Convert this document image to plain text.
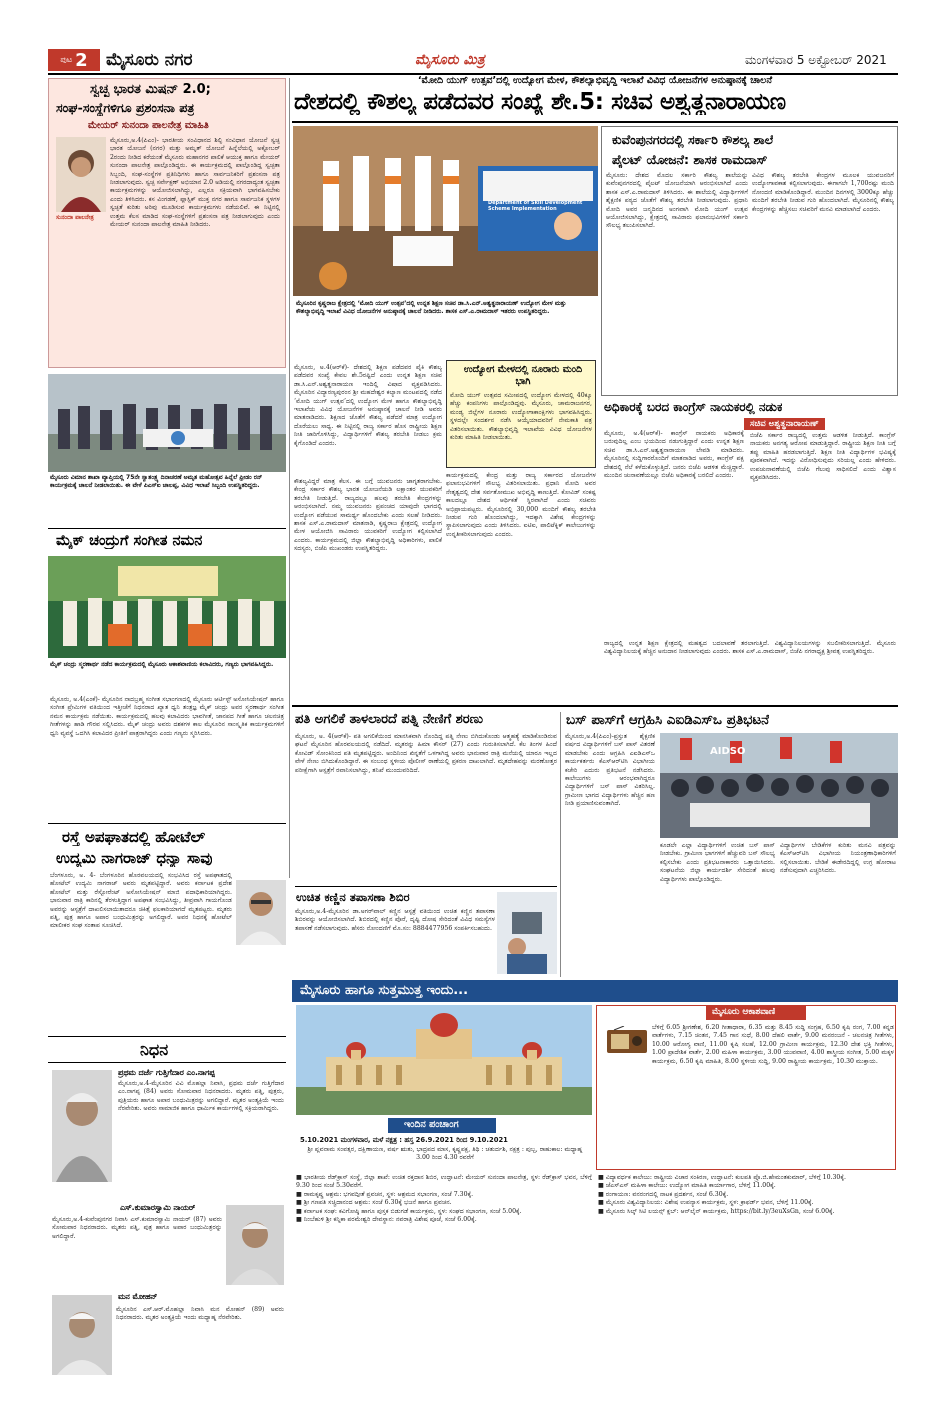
ಪುಟ 2 ಮೈಸೂರು ನಗರ	ಮೈಸೂರು ಮಿತ್ರ	ಮಂಗಳವಾರ 5 ಅಕ್ಟೋಬರ್ 2021
ಸ್ವಚ್ಛ ಭಾರತ ಮಿಷನ್ 2.0;
ಸಂಘ-ಸಂಸ್ಥೆಗಳಿಗೂ ಪ್ರಶಂಸನಾ ಪತ್ರ
ಮೇಯರ್ ಸುನಂದಾ ಪಾಲನೇತ್ರ ಮಾಹಿತಿ
ಸುನಂದಾ ಪಾಲನೇತ್ರ
ಮೈಸೂರು,ಅ.4(ಪಿಎಂ)- ಭಾರತೀಯ ಸಂವಿಧಾನದ ಶಿಲ್ಪಿ ಸಂವಿಧಾನ ಯೋಜನೆ ಸ್ವಚ್ಛ ಭಾರತ ಯೋಜನೆ (ನಗರ) ಮತ್ತು ಅಮೃತ್ ಯೋಜನೆ ಹಿನ್ನೆಲೆಯಲ್ಲಿ ಅಕ್ಟೋಬರ್ 2ರಂದು ನೀಡಿದ ಕರೆಯಂತೆ ಮೈಸೂರು ಮಹಾನಗರ ಪಾಲಿಕೆ ಆಯುಕ್ತ ಹಾಗೂ ಮೇಯರ್ ಸುನಂದಾ ಪಾಲನೇತ್ರ ಪಾಲ್ಗೊಂಡಿದ್ದರು. ಈ ಕಾರ್ಯಕ್ರಮದಲ್ಲಿ ಪಾಲ್ಗೊಂಡಿದ್ದ ಸ್ವಚ್ಛತಾ ಸಿಬ್ಬಂದಿ, ಸಂಘ-ಸಂಸ್ಥೆಗಳ ಪ್ರತಿನಿಧಿಗಳು ಹಾಗೂ ಸಾರ್ವಜನಿಕರಿಗೆ ಪ್ರಶಂಸನಾ ಪತ್ರ ನೀಡಲಾಗುವುದು. ಸ್ವಚ್ಛ ಸರ್ವೇಕ್ಷಣ್ ಅಭಿಯಾನ 2.0 ಅಡಿಯಲ್ಲಿ ನಗರದಾದ್ಯಂತ ಸ್ವಚ್ಛತಾ ಕಾರ್ಯಕ್ರಮಗಳನ್ನು ಆಯೋಜಿಸಲಾಗಿದ್ದು, ಎಲ್ಲರೂ ಸಕ್ರಿಯವಾಗಿ ಭಾಗವಹಿಸಬೇಕು ಎಂದು ತಿಳಿಸಿದರು. ಕಸ ವಿಂಗಡಣೆ, ಪ್ಲಾಸ್ಟಿಕ್ ಮುಕ್ತ ನಗರ ಹಾಗೂ ಸಾರ್ವಜನಿಕ ಸ್ಥಳಗಳ ಸ್ವಚ್ಛತೆ ಕುರಿತು ಅರಿವು ಮೂಡಿಸುವ ಕಾರ್ಯಕ್ರಮಗಳು ನಡೆಯಲಿವೆ. ಈ ನಿಟ್ಟಿನಲ್ಲಿ ಉತ್ತಮ ಕೆಲಸ ಮಾಡಿದ ಸಂಘ-ಸಂಸ್ಥೆಗಳಿಗೆ ಪ್ರಶಂಸನಾ ಪತ್ರ ನೀಡಲಾಗುವುದು ಎಂದು ಮೇಯರ್ ಸುನಂದಾ ಪಾಲನೇತ್ರ ಮಾಹಿತಿ ನೀಡಿದರು.
ಮೈಸೂರು ವಿಮಾನ ಶಾಖಾ ವ್ಯಾಪ್ತಿಯಲ್ಲಿ 75ನೇ ಸ್ವಾತಂತ್ರ್ಯ ದಿನಾಚರಣೆ ಅಮೃತ ಮಹೋತ್ಸವ ಹಿನ್ನೆಲೆ ಫ್ರೀಡಂ ರನ್ ಕಾರ್ಯಕ್ರಮಕ್ಕೆ ಚಾಲನೆ ನೀಡಲಾಯಿತು. ಈ ವೇಳೆ ಪಿಎಸ್ಐ ಜಾಲಪ್ಪ, ವಿವಿಧ ಇಲಾಖೆ ಸಿಬ್ಬಂದಿ ಉಪಸ್ಥಿತರಿದ್ದರು.
ಮೈಕ್ ಚಂದ್ರುಗೆ ಸಂಗೀತ ನಮನ
ಮೈಕ್ ಚಂದ್ರು ಸ್ಮರಣಾರ್ಥ ನಡೆದ ಕಾರ್ಯಕ್ರಮದಲ್ಲಿ ಮೈಸೂರು ಆಕಾಶವಾಣಿಯ ಕಲಾವಿದರು, ಗಣ್ಯರು ಭಾಗವಹಿಸಿದ್ದರು.
ಮೈಸೂರು, ಅ.4(ಎಂಕೆ)- ಮೈಸೂರಿನ ನಾದಬ್ರಹ್ಮ ಸಂಗೀತ ಸಭಾಂಗಣದಲ್ಲಿ ಮೈಸೂರು ಆರ್ಟಿಸ್ಟ್ ಅಸೋಸಿಯೇಷನ್ ಹಾಗೂ ಸಂಗೀತ ಪ್ರೇಮಿಗಳ ವತಿಯಿಂದ ಇತ್ತೀಚೆಗೆ ನಿಧನರಾದ ಖ್ಯಾತ ಧ್ವನಿ ತಂತ್ರಜ್ಞ ಮೈಕ್ ಚಂದ್ರು ಅವರ ಸ್ಮರಣಾರ್ಥ ಸಂಗೀತ ನಮನ ಕಾರ್ಯಕ್ರಮ ನಡೆಯಿತು. ಕಾರ್ಯಕ್ರಮದಲ್ಲಿ ಹಲವು ಕಲಾವಿದರು ಭಾವಗೀತೆ, ಜಾನಪದ ಗೀತೆ ಹಾಗೂ ಚಲನಚಿತ್ರ ಗೀತೆಗಳನ್ನು ಹಾಡಿ ಗೌರವ ಸಲ್ಲಿಸಿದರು. ಮೈಕ್ ಚಂದ್ರು ಅವರು ದಶಕಗಳ ಕಾಲ ಮೈಸೂರಿನ ಸಾಂಸ್ಕೃತಿಕ ಕಾರ್ಯಕ್ರಮಗಳಿಗೆ ಧ್ವನಿ ವ್ಯವಸ್ಥೆ ಒದಗಿಸಿ ಕಲಾವಿದರ ಪ್ರೀತಿಗೆ ಪಾತ್ರರಾಗಿದ್ದರು ಎಂದು ಗಣ್ಯರು ಸ್ಮರಿಸಿದರು.
ರಸ್ತೆ ಅಪಘಾತದಲ್ಲಿ ಹೋಟೆಲ್
ಉದ್ಯಮಿ ನಾಗರಾಜ್ ಧನ್ಯಾ ಸಾವು
ಬೆಂಗಳೂರು, ಅ. 4- ಬೆಂಗಳೂರಿನ ಹೊರವಲಯದಲ್ಲಿ ಸಂಭವಿಸಿದ ರಸ್ತೆ ಅಪಘಾತದಲ್ಲಿ ಹೋಟೆಲ್ ಉದ್ಯಮಿ ನಾಗರಾಜ್ ಅವರು ಮೃತಪಟ್ಟಿದ್ದಾರೆ. ಅವರು ಕರ್ನಾಟಕ ಪ್ರದೇಶ ಹೋಟೆಲ್ ಮತ್ತು ರೆಸ್ಟೋರೆಂಟ್ ಅಸೋಸಿಯೇಷನ್ ಮಾಜಿ ಪದಾಧಿಕಾರಿಯಾಗಿದ್ದರು. ಭಾನುವಾರ ರಾತ್ರಿ ಕಾರಿನಲ್ಲಿ ತೆರಳುತ್ತಿದ್ದಾಗ ಅಪಘಾತ ಸಂಭವಿಸಿದ್ದು, ತೀವ್ರವಾಗಿ ಗಾಯಗೊಂಡ ಅವರನ್ನು ಆಸ್ಪತ್ರೆಗೆ ದಾಖಲಿಸಲಾಯಿತಾದರೂ ಚಿಕಿತ್ಸೆ ಫಲಕಾರಿಯಾಗದೆ ಮೃತಪಟ್ಟರು. ಮೃತರು ಪತ್ನಿ, ಪುತ್ರ ಹಾಗೂ ಅಪಾರ ಬಂಧುಮಿತ್ರರನ್ನು ಅಗಲಿದ್ದಾರೆ. ಅವರ ನಿಧನಕ್ಕೆ ಹೋಟೆಲ್ ಮಾಲೀಕರ ಸಂಘ ಸಂತಾಪ ಸೂಚಿಸಿದೆ.
ನಿಧನ
ಪ್ರಥಮ ದರ್ಜೆ ಗುತ್ತಿಗೆದಾರ ಎಂ.ನಾಗಪ್ಪ
ಮೈಸೂರು,ಅ.4-ಮೈಸೂರಿನ ವಿವಿ ಮೊಹಲ್ಲಾ ನಿವಾಸಿ, ಪ್ರಥಮ ದರ್ಜೆ ಗುತ್ತಿಗೆದಾರ ಎಂ.ನಾಗಪ್ಪ (84) ಅವರು ಸೋಮವಾರ ನಿಧನರಾದರು. ಮೃತರು ಪತ್ನಿ, ಪುತ್ರರು, ಪುತ್ರಿಯರು ಹಾಗೂ ಅಪಾರ ಬಂಧುಮಿತ್ರರನ್ನು ಅಗಲಿದ್ದಾರೆ. ಮೃತರ ಅಂತ್ಯಕ್ರಿಯೆ ಇಂದು ನೆರವೇರಿತು. ಅವರು ಸಾಮಾಜಿಕ ಹಾಗೂ ಧಾರ್ಮಿಕ ಕಾರ್ಯಗಳಲ್ಲಿ ಸಕ್ರಿಯರಾಗಿದ್ದರು.
ಎಸ್.ಕುಮಾರಸ್ವಾಮಿ ನಾಯರ್
ಮೈಸೂರು,ಅ.4-ಕುವೆಂಪುನಗರ ನಿವಾಸಿ ಎಸ್.ಕುಮಾರಸ್ವಾಮಿ ನಾಯರ್ (87) ಅವರು ಸೋಮವಾರ ನಿಧನರಾದರು. ಮೃತರು ಪತ್ನಿ, ಪುತ್ರ ಹಾಗೂ ಅಪಾರ ಬಂಧುಮಿತ್ರರನ್ನು ಅಗಲಿದ್ದಾರೆ.
ಮನ ಮೋಹನ್
ಮೈಸೂರಿನ ಎಸ್.ಆರ್.ಮೊಹಲ್ಲಾ ನಿವಾಸಿ ಮನ ಮೋಹನ್ (89) ಅವರು ನಿಧನರಾದರು. ಮೃತರ ಅಂತ್ಯಕ್ರಿಯೆ ಇಂದು ಮಧ್ಯಾಹ್ನ ನೆರವೇರಿತು.
‘ಮೋದಿ ಯುಗ್ ಉತ್ಸವ’ದಲ್ಲಿ ಉದ್ಯೋಗ ಮೇಳ, ಕೌಶಲ್ಯಾಭಿವೃದ್ಧಿ ಇಲಾಖೆ ವಿವಿಧ ಯೋಜನೆಗಳ ಅನುಷ್ಠಾನಕ್ಕೆ ಚಾಲನೆ
ದೇಶದಲ್ಲಿ ಕೌಶಲ್ಯ ಪಡೆದವರ ಸಂಖ್ಯೆ ಶೇ.5: ಸಚಿವ ಅಶ್ವತ್ಥನಾರಾಯಣ
Department of Skill Development Scheme Implementation
ಮೈಸೂರಿನ ಕೃಷ್ಣರಾಜ ಕ್ಷೇತ್ರದಲ್ಲಿ ‘ಮೋದಿ ಯುಗ್ ಉತ್ಸವ’ದಲ್ಲಿ ಉನ್ನತ ಶಿಕ್ಷಣ ಸಚಿವ ಡಾ.ಸಿ.ಎನ್.ಅಶ್ವತ್ಥನಾರಾಯಣ್ ಉದ್ಯೋಗ ಮೇಳ ಮತ್ತು ಕೌಶಲ್ಯಾಭಿವೃದ್ಧಿ ಇಲಾಖೆ ವಿವಿಧ ಯೋಜನೆಗಳ ಅನುಷ್ಠಾನಕ್ಕೆ ಚಾಲನೆ ನೀಡಿದರು. ಶಾಸಕ ಎಸ್.ಎ.ರಾಮದಾಸ್ ಇತರರು ಉಪಸ್ಥಿತರಿದ್ದರು.
ಮೈಸೂರು, ಅ.4(ಆರ್‌ಕೆ)- ದೇಶದಲ್ಲಿ ಶಿಕ್ಷಣ ಪಡೆದವರ ಪೈಕಿ ಕೌಶಲ್ಯ ಪಡೆದವರ ಸಂಖ್ಯೆ ಕೇವಲ ಶೇ.5ರಷ್ಟಿದೆ ಎಂದು ಉನ್ನತ ಶಿಕ್ಷಣ ಸಚಿವ ಡಾ.ಸಿ.ಎನ್.ಅಶ್ವತ್ಥನಾರಾಯಣ ಇಂದಿಲ್ಲಿ ವಿಷಾದ ವ್ಯಕ್ತಪಡಿಸಿದರು. ಮೈಸೂರಿನ ವಿದ್ಯಾರಣ್ಯಪುರಂನ ಶ್ರೀ ಮಹದೇಶ್ವರ ಕಲ್ಯಾಣ ಮಂಟಪದಲ್ಲಿ ನಡೆದ ‘ಮೋದಿ ಯುಗ್ ಉತ್ಸವ’ದಲ್ಲಿ ಉದ್ಯೋಗ ಮೇಳ ಹಾಗೂ ಕೌಶಲ್ಯಾಭಿವೃದ್ಧಿ ಇಲಾಖೆಯ ವಿವಿಧ ಯೋಜನೆಗಳ ಅನುಷ್ಠಾನಕ್ಕೆ ಚಾಲನೆ ನೀಡಿ ಅವರು ಮಾತನಾಡಿದರು. ಶಿಕ್ಷಣದ ಜೊತೆಗೆ ಕೌಶಲ್ಯ ಪಡೆದರೆ ಮಾತ್ರ ಉದ್ಯೋಗ ದೊರೆಯಲು ಸಾಧ್ಯ. ಈ ನಿಟ್ಟಿನಲ್ಲಿ ರಾಜ್ಯ ಸರ್ಕಾರ ಹೊಸ ರಾಷ್ಟ್ರೀಯ ಶಿಕ್ಷಣ ನೀತಿ ಜಾರಿಗೊಳಿಸಿದ್ದು, ವಿದ್ಯಾರ್ಥಿಗಳಿಗೆ ಕೌಶಲ್ಯ ತರಬೇತಿ ನೀಡಲು ಕ್ರಮ ಕೈಗೊಂಡಿದೆ ಎಂದರು.
ಉದ್ಯೋಗ ಮೇಳದಲ್ಲಿ ನೂರಾರು ಮಂದಿ ಭಾಗಿ
ಮೋದಿ ಯುಗ್ ಉತ್ಸವದ ಸಮೀಪದಲ್ಲಿ ಉದ್ಯೋಗ ಮೇಳದಲ್ಲಿ 40ಕ್ಕೂ ಹೆಚ್ಚು ಕಂಪನಿಗಳು ಪಾಲ್ಗೊಂಡಿದ್ದವು. ಮೈಸೂರು, ಚಾಮರಾಜನಗರ, ಮಂಡ್ಯ ಜಿಲ್ಲೆಗಳ ನೂರಾರು ಉದ್ಯೋಗಾಕಾಂಕ್ಷಿಗಳು ಭಾಗವಹಿಸಿದ್ದರು. ಸ್ಥಳದಲ್ಲೇ ಸಂದರ್ಶನ ನಡೆಸಿ ಆಯ್ಕೆಯಾದವರಿಗೆ ನೇಮಕಾತಿ ಪತ್ರ ವಿತರಿಸಲಾಯಿತು. ಕೌಶಲ್ಯಾಭಿವೃದ್ಧಿ ಇಲಾಖೆಯ ವಿವಿಧ ಯೋಜನೆಗಳ ಕುರಿತು ಮಾಹಿತಿ ನೀಡಲಾಯಿತು.
ಕಾರ್ಯಕ್ರಮದಲ್ಲಿ ಕೇಂದ್ರ ಮತ್ತು ರಾಜ್ಯ ಸರ್ಕಾರದ ಯೋಜನೆಗಳ ಫಲಾನುಭವಿಗಳಿಗೆ ಸೌಲಭ್ಯ ವಿತರಿಸಲಾಯಿತು. ಪ್ರಧಾನಿ ಮೋದಿ ಅವರ ನೇತೃತ್ವದಲ್ಲಿ ದೇಶ ಸರ್ವತೋಮುಖ ಅಭಿವೃದ್ಧಿ ಕಾಣುತ್ತಿದೆ. ಕೋವಿಡ್ ಸಂಕಷ್ಟ ಕಾಲದಲ್ಲೂ ದೇಶದ ಆರ್ಥಿಕತೆ ಸ್ಥಿರವಾಗಿದೆ ಎಂದು ಸಚಿವರು ಅಭಿಪ್ರಾಯಪಟ್ಟರು. ಮೈಸೂರಿನಲ್ಲಿ 30,000 ಮಂದಿಗೆ ಕೌಶಲ್ಯ ತರಬೇತಿ ನೀಡುವ ಗುರಿ ಹೊಂದಲಾಗಿದ್ದು, ಇದಕ್ಕಾಗಿ ವಿಶೇಷ ಕೇಂದ್ರಗಳನ್ನು ಸ್ಥಾಪಿಸಲಾಗುವುದು ಎಂದು ತಿಳಿಸಿದರು. ಐಟಿಐ, ಪಾಲಿಟೆಕ್ನಿಕ್ ಕಾಲೇಜುಗಳನ್ನು ಉನ್ನತೀಕರಿಸಲಾಗುವುದು ಎಂದರು.
ಕೌಶಲ್ಯವಿದ್ದರೆ ಮಾತ್ರ ಕೆಲಸ. ಈ ಬಗ್ಗೆ ಯುವಜನರು ಜಾಗೃತರಾಗಬೇಕು. ಕೇಂದ್ರ ಸರ್ಕಾರ ಕೌಶಲ್ಯ ಭಾರತ ಯೋಜನೆಯಡಿ ಲಕ್ಷಾಂತರ ಯುವಕರಿಗೆ ತರಬೇತಿ ನೀಡುತ್ತಿದೆ. ರಾಜ್ಯದಲ್ಲೂ ಹಲವು ತರಬೇತಿ ಕೇಂದ್ರಗಳನ್ನು ಆರಂಭಿಸಲಾಗಿದೆ. ನಮ್ಮ ಯುವಜನರು ಪ್ರಪಂಚದ ಯಾವುದೇ ಭಾಗದಲ್ಲಿ ಉದ್ಯೋಗ ಪಡೆಯುವ ಸಾಮರ್ಥ್ಯ ಹೊಂದಬೇಕು ಎಂದು ಸಲಹೆ ನೀಡಿದರು. ಶಾಸಕ ಎಸ್.ಎ.ರಾಮದಾಸ್ ಮಾತನಾಡಿ, ಕೃಷ್ಣರಾಜ ಕ್ಷೇತ್ರದಲ್ಲಿ ಉದ್ಯೋಗ ಮೇಳ ಆಯೋಜಿಸಿ ಸಾವಿರಾರು ಯುವಕರಿಗೆ ಉದ್ಯೋಗ ಕಲ್ಪಿಸಲಾಗಿದೆ ಎಂದರು. ಕಾರ್ಯಕ್ರಮದಲ್ಲಿ ಜಿಲ್ಲಾ ಕೌಶಲ್ಯಾಭಿವೃದ್ಧಿ ಅಧಿಕಾರಿಗಳು, ಪಾಲಿಕೆ ಸದಸ್ಯರು, ಬಿಜೆಪಿ ಮುಖಂಡರು ಉಪಸ್ಥಿತರಿದ್ದರು.
ಕುವೆಂಪುನಗರದಲ್ಲಿ ಸರ್ಕಾರಿ ಕೌಶಲ್ಯ ಶಾಲೆ
ಪೈಲಟ್ ಯೋಜನೆ: ಶಾಸಕ ರಾಮದಾಸ್
ಮೈಸೂರು: ದೇಶದ ಮೊದಲ ಸರ್ಕಾರಿ ಕೌಶಲ್ಯ ಶಾಲೆಯನ್ನು ಕುವೆಂಪುನಗರದಲ್ಲಿ ಪೈಲಟ್ ಯೋಜನೆಯಾಗಿ ಆರಂಭಿಸಲಾಗಿದೆ ಎಂದು ಶಾಸಕ ಎಸ್.ಎ.ರಾಮದಾಸ್ ತಿಳಿಸಿದರು. ಈ ಶಾಲೆಯಲ್ಲಿ ವಿದ್ಯಾರ್ಥಿಗಳಿಗೆ ಶೈಕ್ಷಣಿಕ ಪಠ್ಯದ ಜೊತೆಗೆ ಕೌಶಲ್ಯ ತರಬೇತಿ ನೀಡಲಾಗುವುದು. ಪ್ರಧಾನಿ ಮೋದಿ ಅವರ ಜನ್ಮದಿನದ ಅಂಗವಾಗಿ ಮೋದಿ ಯುಗ್ ಉತ್ಸವ ಆಯೋಜಿಸಲಾಗಿದ್ದು, ಕ್ಷೇತ್ರದಲ್ಲಿ ಸಾವಿರಾರು ಫಲಾನುಭವಿಗಳಿಗೆ ಸರ್ಕಾರಿ ಸೌಲಭ್ಯ ತಲುಪಿಸಲಾಗಿದೆ.
ವಿವಿಧ ಕೌಶಲ್ಯ ತರಬೇತಿ ಕೇಂದ್ರಗಳ ಮೂಲಕ ಯುವಜನರಿಗೆ ಉದ್ಯೋಗಾವಕಾಶ ಕಲ್ಪಿಸಲಾಗುವುದು. ಈಗಾಗಲೇ 1,700ರಷ್ಟು ಮಂದಿ ನೋಂದಣಿ ಮಾಡಿಕೊಂಡಿದ್ದಾರೆ. ಮುಂದಿನ ದಿನಗಳಲ್ಲಿ 3000ಕ್ಕೂ ಹೆಚ್ಚು ಮಂದಿಗೆ ತರಬೇತಿ ನೀಡುವ ಗುರಿ ಹೊಂದಲಾಗಿದೆ. ಮೈಸೂರಿನಲ್ಲಿ ಕೌಶಲ್ಯ ಕೇಂದ್ರಗಳನ್ನು ಹೆಚ್ಚಿಸಲು ಸಚಿವರಿಗೆ ಮನವಿ ಮಾಡಲಾಗಿದೆ ಎಂದರು.
ಅಧಿಕಾರಕ್ಕೆ ಬರದ ಕಾಂಗ್ರೆಸ್ ನಾಯಕರಲ್ಲಿ ನಡುಕ
ಸಚಿವ ಅಶ್ವತ್ಥನಾರಾಯಣ್
ಮೈಸೂರು, ಅ.4(ಆರ್‌ಕೆ)- ಕಾಂಗ್ರೆಸ್ ನಾಯಕರು ಅಧಿಕಾರಕ್ಕೆ ಬರುವುದಿಲ್ಲ ಎಂಬ ಭಯದಿಂದ ನಡುಗುತ್ತಿದ್ದಾರೆ ಎಂದು ಉನ್ನತ ಶಿಕ್ಷಣ ಸಚಿವ ಡಾ.ಸಿ.ಎನ್.ಅಶ್ವತ್ಥನಾರಾಯಣ ಲೇವಡಿ ಮಾಡಿದರು. ಮೈಸೂರಿನಲ್ಲಿ ಸುದ್ದಿಗಾರರೊಂದಿಗೆ ಮಾತನಾಡಿದ ಅವರು, ಕಾಂಗ್ರೆಸ್ ಪಕ್ಷ ದೇಶದಲ್ಲಿ ನೆಲೆ ಕಳೆದುಕೊಳ್ಳುತ್ತಿದೆ. ಜನರು ಬಿಜೆಪಿ ಆಡಳಿತ ಮೆಚ್ಚಿದ್ದಾರೆ. ಮುಂದಿನ ಚುನಾವಣೆಯಲ್ಲೂ ಬಿಜೆಪಿ ಅಧಿಕಾರಕ್ಕೆ ಬರಲಿದೆ ಎಂದರು.
ಬಿಜೆಪಿ ಸರ್ಕಾರ ರಾಜ್ಯದಲ್ಲಿ ಉತ್ತಮ ಆಡಳಿತ ನೀಡುತ್ತಿದೆ. ಕಾಂಗ್ರೆಸ್ ನಾಯಕರು ಅನಗತ್ಯ ಆರೋಪ ಮಾಡುತ್ತಿದ್ದಾರೆ. ರಾಷ್ಟ್ರೀಯ ಶಿಕ್ಷಣ ನೀತಿ ಬಗ್ಗೆ ತಪ್ಪು ಮಾಹಿತಿ ಹರಡಲಾಗುತ್ತಿದೆ. ಶಿಕ್ಷಣ ನೀತಿ ವಿದ್ಯಾರ್ಥಿಗಳ ಭವಿಷ್ಯಕ್ಕೆ ಪೂರಕವಾಗಿದೆ. ಇದನ್ನು ವಿರೋಧಿಸುವುದು ಸರಿಯಲ್ಲ ಎಂದು ಹೇಳಿದರು. ಉಪಚುನಾವಣೆಯಲ್ಲಿ ಬಿಜೆಪಿ ಗೆಲುವು ಸಾಧಿಸಲಿದೆ ಎಂದು ವಿಶ್ವಾಸ ವ್ಯಕ್ತಪಡಿಸಿದರು.
ರಾಜ್ಯದಲ್ಲಿ ಉನ್ನತ ಶಿಕ್ಷಣ ಕ್ಷೇತ್ರದಲ್ಲಿ ಮಹತ್ವದ ಬದಲಾವಣೆ ತರಲಾಗುತ್ತಿದೆ. ವಿಶ್ವವಿದ್ಯಾನಿಲಯಗಳನ್ನು ಸಬಲೀಕರಿಸಲಾಗುತ್ತಿದೆ. ಮೈಸೂರು ವಿಶ್ವವಿದ್ಯಾನಿಲಯಕ್ಕೆ ಹೆಚ್ಚಿನ ಅನುದಾನ ನೀಡಲಾಗುವುದು ಎಂದರು. ಶಾಸಕ ಎಸ್.ಎ.ರಾಮದಾಸ್, ಬಿಜೆಪಿ ನಗರಾಧ್ಯಕ್ಷ ಶ್ರೀವತ್ಸ ಉಪಸ್ಥಿತರಿದ್ದರು.
ಪತಿ ಅಗಲಿಕೆ ತಾಳಲಾರದೆ ಪತ್ನಿ ನೇಣಿಗೆ ಶರಣು
ಮೈಸೂರು, ಅ. 4(ಆರ್‌ಕೆ)- ಪತಿ ಅಗಲಿಕೆಯಿಂದ ಮಾನಸಿಕವಾಗಿ ನೊಂದಿದ್ದ ಪತ್ನಿ ನೇಣು ಬಿಗಿದುಕೊಂಡು ಆತ್ಮಹತ್ಯೆ ಮಾಡಿಕೊಂಡಿರುವ ಘಟನೆ ಮೈಸೂರಿನ ಹೊರವಲಯದಲ್ಲಿ ನಡೆದಿದೆ. ಮೃತರನ್ನು ಹಿಮಾ ಕೌಸರ್ (27) ಎಂದು ಗುರುತಿಸಲಾಗಿದೆ. ಕೆಲ ತಿಂಗಳ ಹಿಂದೆ ಕೋವಿಡ್ ಸೋಂಕಿನಿಂದ ಪತಿ ಮೃತಪಟ್ಟಿದ್ದರು. ಅಂದಿನಿಂದ ಖಿನ್ನತೆಗೆ ಒಳಗಾಗಿದ್ದ ಅವರು ಭಾನುವಾರ ರಾತ್ರಿ ಮನೆಯಲ್ಲಿ ಯಾರೂ ಇಲ್ಲದ ವೇಳೆ ನೇಣು ಬಿಗಿದುಕೊಂಡಿದ್ದಾರೆ. ಈ ಸಂಬಂಧ ಸ್ಥಳೀಯ ಪೊಲೀಸ್ ಠಾಣೆಯಲ್ಲಿ ಪ್ರಕರಣ ದಾಖಲಾಗಿದೆ. ಮೃತದೇಹವನ್ನು ಮರಣೋತ್ತರ ಪರೀಕ್ಷೆಗಾಗಿ ಆಸ್ಪತ್ರೆಗೆ ರವಾನಿಸಲಾಗಿದ್ದು, ತನಿಖೆ ಮುಂದುವರಿದಿದೆ.
ಉಚಿತ ಕಣ್ಣಿನ ತಪಾಸಣಾ ಶಿಬಿರ
ಮೈಸೂರು,ಅ.4-ಮೈಸೂರಿನ ಡಾ.ಅಗರ್‌ವಾಲ್ ಕಣ್ಣಿನ ಆಸ್ಪತ್ರೆ ವತಿಯಿಂದ ಉಚಿತ ಕಣ್ಣಿನ ತಪಾಸಣಾ ಶಿಬಿರವನ್ನು ಆಯೋಜಿಸಲಾಗಿದೆ. ಶಿಬಿರದಲ್ಲಿ ಕಣ್ಣಿನ ಪೊರೆ, ದೃಷ್ಟಿ ದೋಷ ಸೇರಿದಂತೆ ವಿವಿಧ ಸಮಸ್ಯೆಗಳ ತಪಾಸಣೆ ನಡೆಸಲಾಗುವುದು. ಹೆಸರು ನೋಂದಣಿಗೆ ಮೊ.ಸಂ: 8884477956 ಸಂಪರ್ಕಿಸಬಹುದು.
ಬಸ್ ಪಾಸ್‌ಗೆ ಆಗ್ರಹಿಸಿ ಎಐಡಿಎಸ್‌ಒ ಪ್ರತಿಭಟನೆ
ಮೈಸೂರು,ಅ.4(ಪಿಎಂ)-ಪ್ರಸ್ತುತ ಶೈಕ್ಷಣಿಕ ವರ್ಷದ ವಿದ್ಯಾರ್ಥಿಗಳಿಗೆ ಬಸ್ ಪಾಸ್ ವಿತರಣೆ ಮಾಡಬೇಕು ಎಂದು ಆಗ್ರಹಿಸಿ ಎಐಡಿಎಸ್‌ಒ ಕಾರ್ಯಕರ್ತರು ಕೆಎಸ್‌ಆರ್‌ಟಿಸಿ ವಿಭಾಗೀಯ ಕಚೇರಿ ಎದುರು ಪ್ರತಿಭಟನೆ ನಡೆಸಿದರು. ಕಾಲೇಜುಗಳು ಆರಂಭವಾಗಿದ್ದರೂ ವಿದ್ಯಾರ್ಥಿಗಳಿಗೆ ಬಸ್ ಪಾಸ್ ವಿತರಿಸಿಲ್ಲ. ಗ್ರಾಮೀಣ ಭಾಗದ ವಿದ್ಯಾರ್ಥಿಗಳು ಹೆಚ್ಚಿನ ಹಣ ನೀಡಿ ಪ್ರಯಾಣಿಸುವಂತಾಗಿದೆ.
AIDSO
ಕೂಡಲೇ ಎಲ್ಲಾ ವಿದ್ಯಾರ್ಥಿಗಳಿಗೆ ಉಚಿತ ಬಸ್ ಪಾಸ್ ನೀಡಬೇಕು. ಗ್ರಾಮೀಣ ಭಾಗಗಳಿಗೆ ಹೆಚ್ಚುವರಿ ಬಸ್ ಸೌಲಭ್ಯ ಕಲ್ಪಿಸಬೇಕು ಎಂದು ಪ್ರತಿಭಟನಾಕಾರರು ಒತ್ತಾಯಿಸಿದರು. ಸಂಘಟನೆಯ ಜಿಲ್ಲಾ ಕಾರ್ಯದರ್ಶಿ ಸೇರಿದಂತೆ ಹಲವು ವಿದ್ಯಾರ್ಥಿಗಳು ಪಾಲ್ಗೊಂಡಿದ್ದರು.
ವಿದ್ಯಾರ್ಥಿಗಳ ಬೇಡಿಕೆಗಳ ಕುರಿತು ಮನವಿ ಪತ್ರವನ್ನು ಕೆಎಸ್‌ಆರ್‌ಟಿಸಿ ವಿಭಾಗೀಯ ನಿಯಂತ್ರಣಾಧಿಕಾರಿಗಳಿಗೆ ಸಲ್ಲಿಸಲಾಯಿತು. ಬೇಡಿಕೆ ಈಡೇರದಿದ್ದಲ್ಲಿ ಉಗ್ರ ಹೋರಾಟ ನಡೆಸುವುದಾಗಿ ಎಚ್ಚರಿಸಿದರು.
ಮೈಸೂರು ಹಾಗೂ ಸುತ್ತಮುತ್ತ ಇಂದು...
ಇಂದಿನ ಪಂಚಾಂಗ
5.10.2021 ಮಂಗಳವಾರ, ಮಳೆ ನಕ್ಷತ್ರ : ಹಸ್ತ 26.9.2021 ರಿಂದ 9.10.2021
ಶ್ರೀ ಪ್ಲವನಾಮ ಸಂವತ್ಸರ, ದಕ್ಷಿಣಾಯಣ, ವರ್ಷ ಋತು, ಭಾದ್ರಪದ ಮಾಸ, ಕೃಷ್ಣಪಕ್ಷ, ತಿಥಿ : ಚತುರ್ದಶಿ, ನಕ್ಷತ್ರ : ಪುಬ್ಬ, ರಾಹುಕಾಲ: ಮಧ್ಯಾಹ್ನ 3.00 ರಿಂದ 4.30 ರವರೆಗೆ
ಮೈಸೂರು ಆಕಾಶವಾಣಿ
ಬೆಳಿಗ್ಗೆ 6.05 ಶ್ರೀಗಣೇಶ, 6.20 ಗೀತಾಧಾರಾ, 6.35 ಮತ್ತು 8.45 ಸುದ್ದಿ ಸಂಗ್ರಹ, 6.50 ಕೃಷಿ ರಂಗ, 7.00 ಕನ್ನಡ ವಾರ್ತೆಗಳು, 7.15 ಚಿಂತನ, 7.45 ಗಾನ ಸುಧೆ, 8.00 ದೆಹಲಿ ವಾರ್ತೆ, 9.00 ಮನರಂಜನೆ - ಚಲನಚಿತ್ರ ಗೀತೆಗಳು, 10.00 ಆರೋಗ್ಯ ವಾಣಿ, 11.00 ಕೃಷಿ ಸಲಹೆ, 12.00 ಗ್ರಾಮೀಣ ಕಾರ್ಯಕ್ರಮ, 12.30 ದೇಶ ಭಕ್ತಿ ಗೀತೆಗಳು, 1.00 ಪ್ರಾದೇಶಿಕ ವಾರ್ತೆ, 2.00 ಮಹಿಳಾ ಕಾರ್ಯಕ್ರಮ, 3.00 ಯುವವಾಣಿ, 4.00 ಶಾಸ್ತ್ರೀಯ ಸಂಗೀತ, 5.00 ಮಕ್ಕಳ ಕಾರ್ಯಕ್ರಮ, 6.50 ಕೃಷಿ ಮಾಹಿತಿ, 8.00 ಸ್ಥಳೀಯ ಸುದ್ದಿ, 9.00 ರಾಷ್ಟ್ರೀಯ ಕಾರ್ಯಕ್ರಮ, 10.30 ಮುಕ್ತಾಯ.
■ ಭಾರತೀಯ ರೆಡ್‌ಕ್ರಾಸ್ ಸಂಸ್ಥೆ, ಜಿಲ್ಲಾ ಶಾಖೆ: ಉಚಿತ ರಕ್ತದಾನ ಶಿಬಿರ, ಉದ್ಘಾಟನೆ: ಮೇಯರ್ ಸುನಂದಾ ಪಾಲನೇತ್ರ, ಸ್ಥಳ: ರೆಡ್‌ಕ್ರಾಸ್ ಭವನ, ಬೆಳಿಗ್ಗೆ 9.30 ರಿಂದ ಸಂಜೆ 5.30ವರೆಗೆ.
■ ರಾಮಕೃಷ್ಣ ಆಶ್ರಮ: ಭಗವದ್ಗೀತೆ ಪ್ರವಚನ, ಸ್ಥಳ: ಆಶ್ರಮದ ಸಭಾಂಗಣ, ಸಂಜೆ 7.30ಕ್ಕೆ.
■ ಶ್ರೀ ಗಣಪತಿ ಸಚ್ಚಿದಾನಂದ ಆಶ್ರಮ: ಸಂಜೆ 6.30ಕ್ಕೆ ಭಜನೆ ಹಾಗೂ ಪ್ರವಚನ.
■ ಕರ್ನಾಟಕ ಸಂಘ: ಕವಿಗೋಷ್ಠಿ ಹಾಗೂ ಪುಸ್ತಕ ಬಿಡುಗಡೆ ಕಾರ್ಯಕ್ರಮ, ಸ್ಥಳ: ಸಂಘದ ಸಭಾಂಗಣ, ಸಂಜೆ 5.00ಕ್ಕೆ.
■ ನಿಂಬೆಹುಳಿ ಶ್ರೀ ಕನ್ನಿಕಾ ಪರಮೇಶ್ವರಿ ದೇವಸ್ಥಾನ: ನವರಾತ್ರಿ ವಿಶೇಷ ಪೂಜೆ, ಸಂಜೆ 6.00ಕ್ಕೆ.
■ ವಿದ್ಯಾವರ್ಧಕ ಕಾಲೇಜು: ರಾಷ್ಟ್ರೀಯ ವಿಚಾರ ಸಂಕಿರಣ, ಉದ್ಘಾಟನೆ: ಕುಲಪತಿ ಪ್ರೊ.ಜಿ.ಹೇಮಂತಕುಮಾರ್, ಬೆಳಿಗ್ಗೆ 10.30ಕ್ಕೆ.
■ ಜೆಎಸ್‌ಎಸ್ ಮಹಿಳಾ ಕಾಲೇಜು: ಉದ್ಯೋಗ ಮಾಹಿತಿ ಕಾರ್ಯಾಗಾರ, ಬೆಳಿಗ್ಗೆ 11.00ಕ್ಕೆ.
■ ರಂಗಾಯಣ: ವನರಂಗದಲ್ಲಿ ನಾಟಕ ಪ್ರದರ್ಶನ, ಸಂಜೆ 6.30ಕ್ಕೆ.
■ ಮೈಸೂರು ವಿಶ್ವವಿದ್ಯಾನಿಲಯ: ವಿಶೇಷ ಉಪನ್ಯಾಸ ಕಾರ್ಯಕ್ರಮ, ಸ್ಥಳ: ಕ್ರಾಫರ್ಡ್ ಭವನ, ಬೆಳಿಗ್ಗೆ 11.00ಕ್ಕೆ.
■ ಮೈಸೂರು ಸಿಲ್ಕ್ ಸಿಟಿ ಲಯನ್ಸ್ ಕ್ಲಬ್: ಆನ್‌ಲೈನ್ ಕಾರ್ಯಕ್ರಮ, https://bit.ly/3euXsGn, ಸಂಜೆ 6.00ಕ್ಕೆ.
